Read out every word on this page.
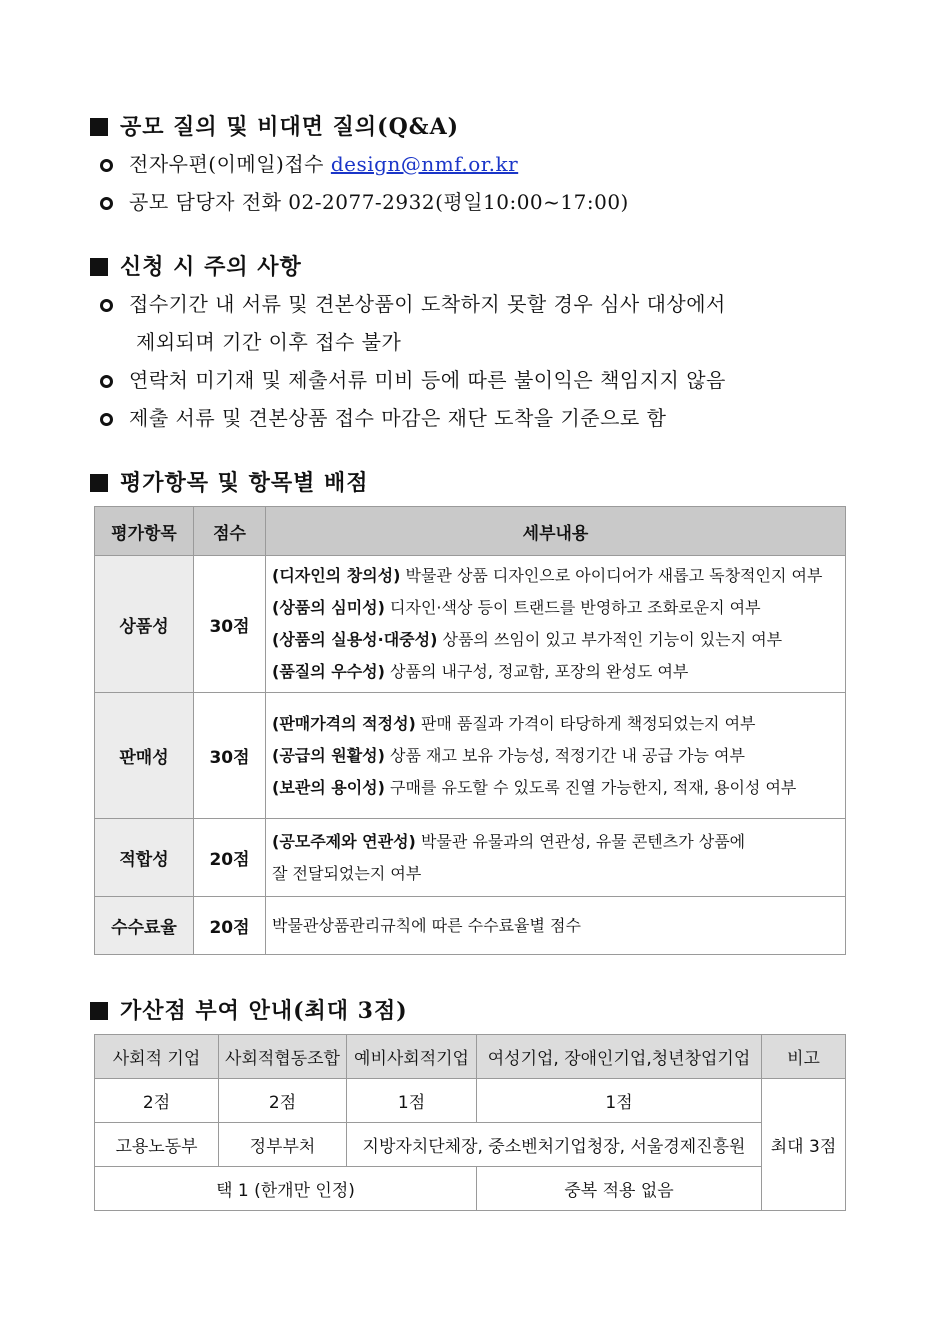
공모 질의 및 비대면 질의(Q&A)
전자우편(이메일)접수 design@nmf.or.kr
공모 담당자 전화 02-2077-2932(평일10:00~17:00)
신청 시 주의 사항
접수기간 내 서류 및 견본상품이 도착하지 못할 경우 심사 대상에서
제외되며 기간 이후 접수 불가
연락처 미기재 및 제출서류 미비 등에 따른 불이익은 책임지지 않음
제출 서류 및 견본상품 접수 마감은 재단 도착을 기준으로 함
평가항목 및 항목별 배점
평가항목	점수	세부내용
상품성	30점	(디자인의 창의성) 박물관 상품 디자인으로 아이디어가 새롭고 독창적인지 여부
(상품의 심미성) 디자인·색상 등이 트랜드를 반영하고 조화로운지 여부
(상품의 실용성·대중성) 상품의 쓰임이 있고 부가적인 기능이 있는지 여부
(품질의 우수성) 상품의 내구성, 정교함, 포장의 완성도 여부

판매성	30점	(판매가격의 적정성) 판매 품질과 가격이 타당하게 책정되었는지 여부
(공급의 원활성) 상품 재고 보유 가능성, 적정기간 내 공급 가능 여부
(보관의 용이성) 구매를 유도할 수 있도록 진열 가능한지, 적재, 용이성 여부

적합성	20점	(공모주제와 연관성) 박물관 유물과의 연관성, 유물 콘텐츠가 상품에
잘 전달되었는지 여부

수수료율	20점	박물관상품관리규칙에 따른 수수료율별 점수
가산점 부여 안내(최대 3점)
사회적 기업	사회적협동조합	예비사회적기업	여성기업, 장애인기업,청년창업기업	비고
2점	2점	1점	1점	최대 3점
고용노동부	정부부처	지방자치단체장, 중소벤처기업청장, 서울경제진흥원		
택 1 (한개만 인정)			중복 적용 없음	
